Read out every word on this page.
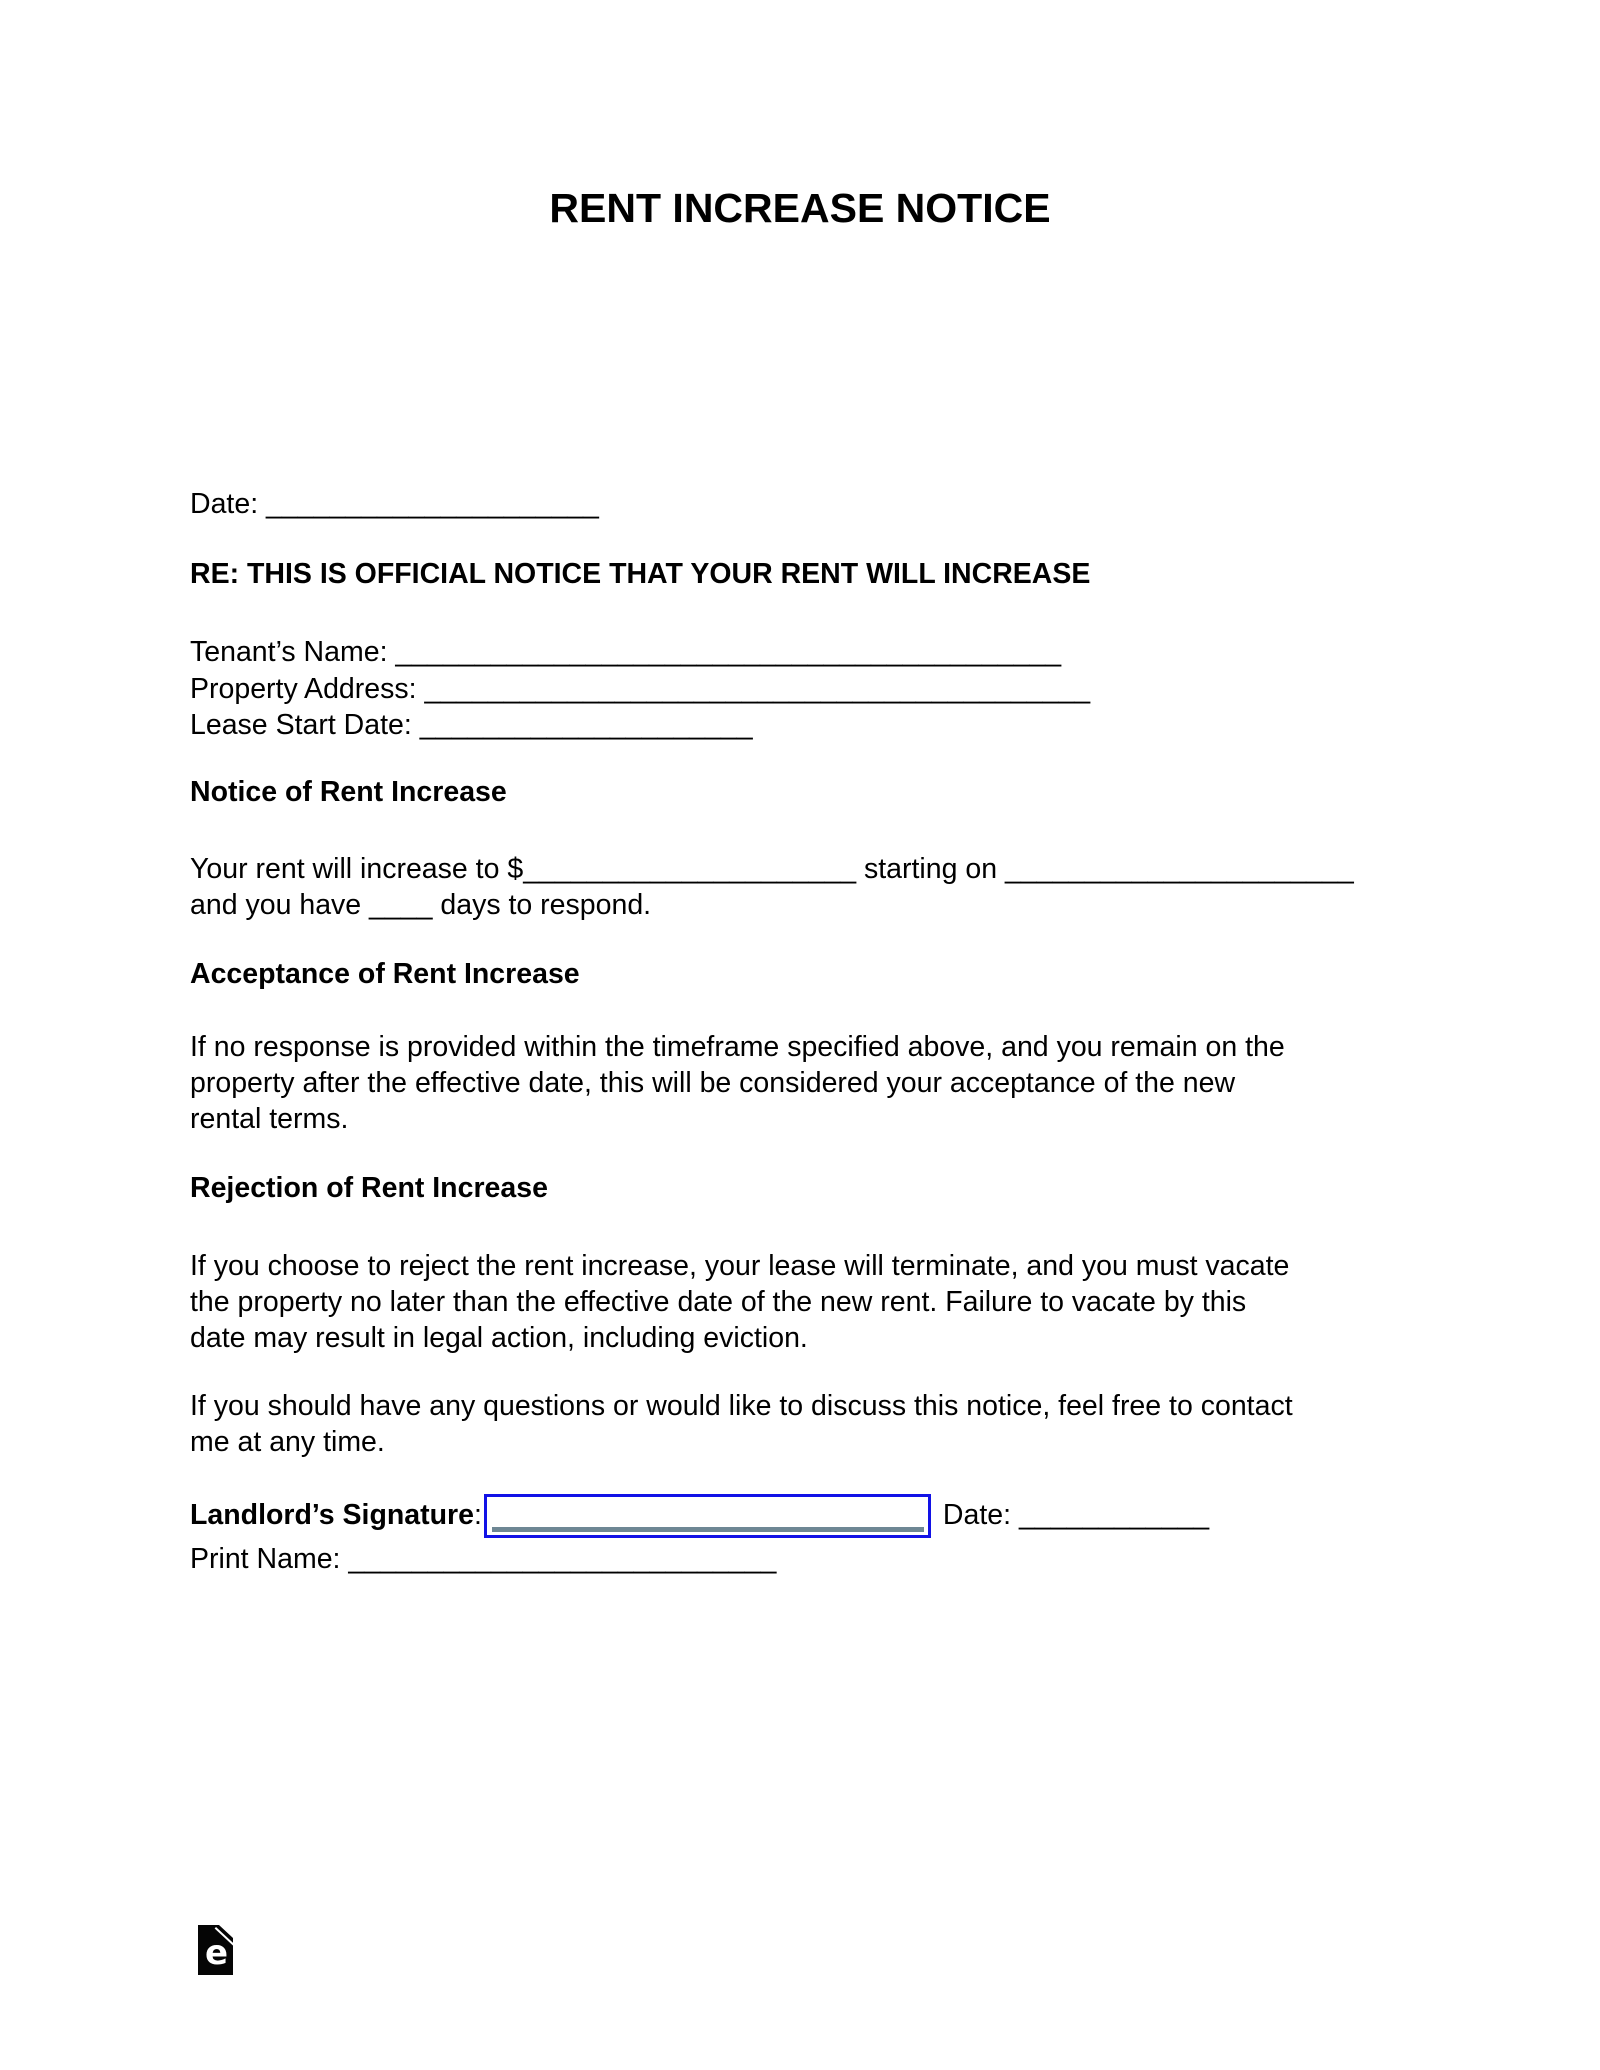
RENT INCREASE NOTICE
Date: _____________________
RE: THIS IS OFFICIAL NOTICE THAT YOUR RENT WILL INCREASE
Tenant’s Name: __________________________________________
Property Address: __________________________________________
Lease Start Date: _____________________
Notice of Rent Increase
Your rent will increase to $_____________________ starting on ______________________
and you have ____ days to respond.
Acceptance of Rent Increase
If no response is provided within the timeframe specified above, and you remain on the
property after the effective date, this will be considered your acceptance of the new
rental terms.
Rejection of Rent Increase
If you choose to reject the rent increase, your lease will terminate, and you must vacate
the property no later than the effective date of the new rent. Failure to vacate by this
date may result in legal action, including eviction.
If you should have any questions or would like to discuss this notice, feel free to contact
me at any time.
Landlord’s Signature :	Date: ____________
Print Name: ___________________________
e
